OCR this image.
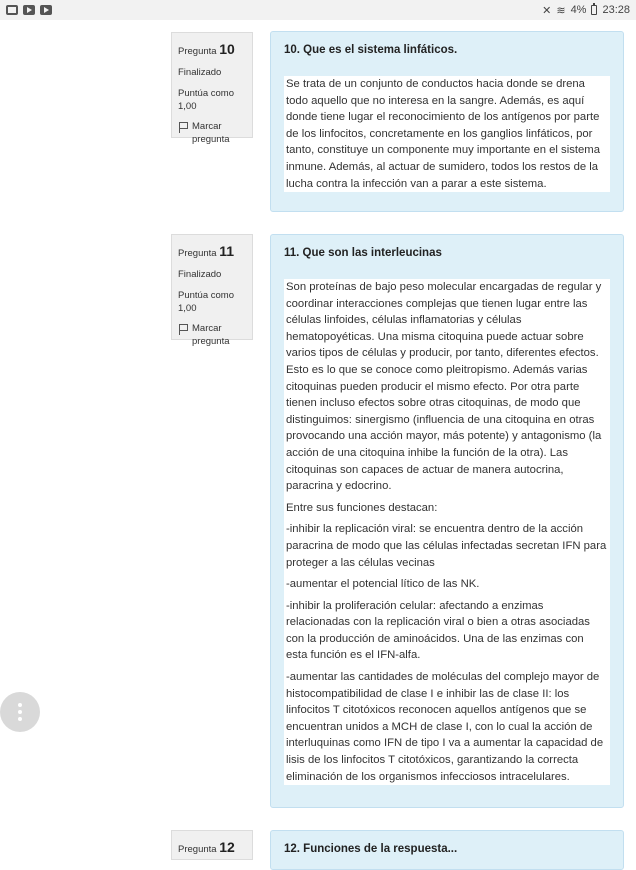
✕ ≋ 4% 23:28
Pregunta 10
Finalizado
Puntúa como 1,00
Marcar pregunta
10. Que es el sistema linfáticos.

Se trata de un conjunto de conductos hacia donde se drena todo aquello que no interesa en la sangre. Además, es aquí donde tiene lugar el reconocimiento de los antígenos por parte de los linfocitos, concretamente en los ganglios linfáticos, por tanto, constituye un componente muy importante en el sistema inmune. Además, al actuar de sumidero, todos los restos de la lucha contra la infección van a parar a este sistema.

Pregunta 11
Finalizado
Puntúa como 1,00
Marcar pregunta
11. Que son las interleucinas

Son proteínas de bajo peso molecular encargadas de regular y coordinar interacciones complejas que tienen lugar entre las células linfoides, células inflamatorias y células hematopoyéticas. Una misma citoquina puede actuar sobre varios tipos de células y producir, por tanto, diferentes efectos. Esto es lo que se conoce como pleitropismo. Además varias citoquinas pueden producir el mismo efecto. Por otra parte tienen incluso efectos sobre otras citoquinas, de modo que distinguimos: sinergismo (influencia de una citoquina en otras provocando una acción mayor, más potente) y antagonismo (la acción de una citoquina inhibe la función de la otra). Las citoquinas son capaces de actuar de manera autocrina, paracrina y edocrino.

Entre sus funciones destacan:

-inhibir la replicación viral: se encuentra dentro de la acción paracrina de modo que las células infectadas secretan IFN para proteger a las células vecinas

-aumentar el potencial lítico de las NK.

-inhibir la proliferación celular: afectando a enzimas relacionadas con la replicación viral o bien a otras asociadas con la producción de aminoácidos. Una de las enzimas con esta función es el IFN-alfa.

-aumentar las cantidades de moléculas del complejo mayor de histocompatibilidad de clase I e inhibir las de clase II: los linfocitos T citotóxicos reconocen aquellos antígenos que se encuentran unidos a MCH de clase I, con lo cual la acción de interluquinas como IFN de tipo I va a aumentar la capacidad de lisis de los linfocitos T citotóxicos, garantizando la correcta eliminación de los organismos infecciosos intracelulares.

Pregunta 12	12. Funciones de la respuesta...
